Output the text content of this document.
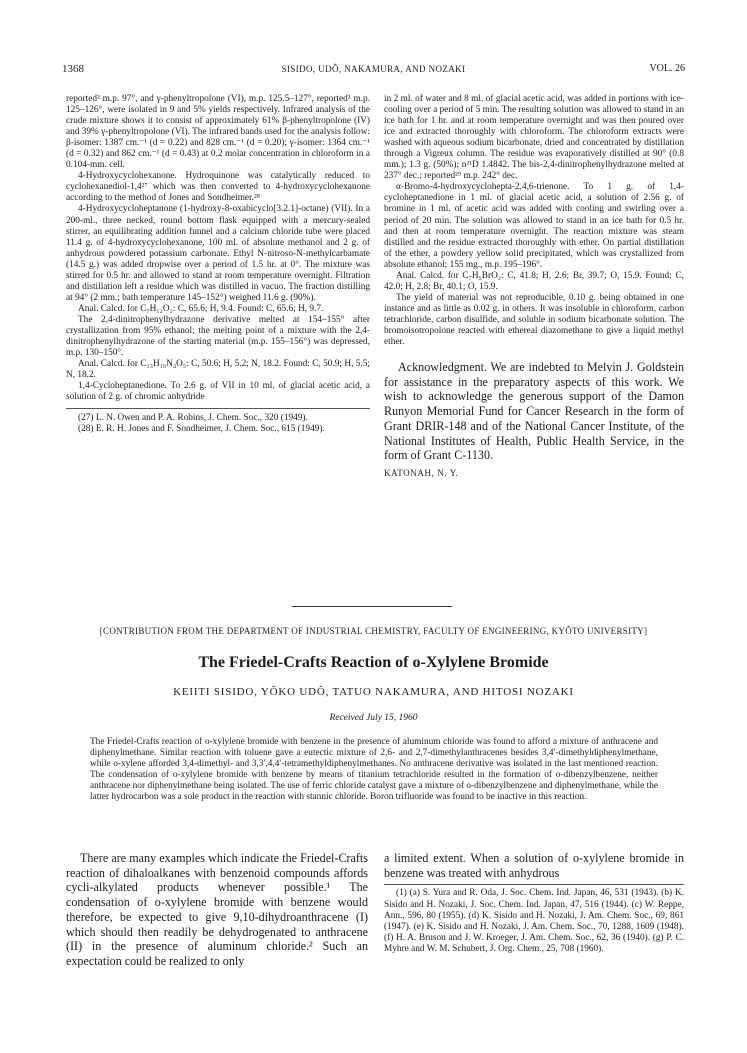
1368	SISIDO, UDÔ, NAKAMURA, AND NOZAKI	VOL. 26

reported² m.p. 97°, and γ-phenyltropolone (VI), m.p. 125.5–127°, reported³ m.p. 125–126°, were isolated in 9 and 5% yields respectively. Infrared analysis of the crude mixture shows it to consist of approximately 61% β-phenyltropolone (IV) and 39% γ-phenyltropolone (VI). The infrared bands used for the analysis follow: β-isomer: 1387 cm.⁻¹ (d = 0.22) and 828 cm.⁻¹ (d = 0.20); γ-isomer: 1364 cm.⁻¹ (d = 0.32) and 862 cm.⁻¹ (d = 0.43) at 0.2 molar concentration in chloroform in a 0.104-mm. cell.

4-Hydroxycyclohexanone. Hydroquinone was catalytically reduced to cyclohexanediol-1,4²⁷ which was then converted to 4-hydroxycyclohexanone according to the method of Jones and Sondheimer.²⁸

4-Hydroxycycloheptanone (1-hydroxy-8-oxabicyclo[3.2.1]-octane) (VII). In a 200-ml., three necked, round bottom flask equipped with a mercury-sealed stirrer, an equilibrating addition funnel and a calcium chloride tube were placed 11.4 g. of 4-hydroxycyclohexanone, 100 ml. of absolute methanol and 2 g. of anhydrous powdered potassium carbonate. Ethyl N-nitroso-N-methylcarbamate (14.5 g.) was added dropwise over a period of 1.5 hr. at 0°. The mixture was stirred for 0.5 hr. and allowed to stand at room temperature overnight. Filtration and distillation left a residue which was distilled in vacuo. The fraction distilling at 94° (2 mm.; bath temperature 145–152°) weighed 11.6 g. (90%).

Anal. Calcd. for C₇H₁₂O₂: C, 65.6; H, 9.4. Found: C, 65.6; H, 9.7.

The 2,4-dinitrophenylhydrazone derivative melted at 154–155° after crystallization from 95% ethanol; the melting point of a mixture with the 2,4-dinitrophenylhydrazone of the starting material (m.p. 155–156°) was depressed, m.p. 130–150°.

Anal. Calcd. for C₁₃H₁₆N₄O₅: C, 50.6; H, 5.2; N, 18.2. Found: C, 50.9; H, 5.5; N, 18.2.

1,4-Cycloheptanedione. To 2.6 g. of VII in 10 ml. of glacial acetic acid, a solution of 2 g. of chromic anhydride

(27) L. N. Owen and P. A. Robins, J. Chem. Soc., 320 (1949).

(28) E. R. H. Jones and F. Sondheimer, J. Chem. Soc., 615 (1949).

in 2 ml. of water and 8 ml. of glacial acetic acid, was added in portions with ice-cooling over a period of 5 min. The resulting solution was allowed to stand in an ice bath for 1 hr. and at room temperature overnight and was then poured over ice and extracted thoroughly with chloroform. The chloroform extracts were washed with aqueous sodium bicarbonate, dried and concentrated by distillation through a Vigreux column. The residue was evaporatively distilled at 90° (0.8 mm.); 1.3 g. (50%); n²¹D 1.4842. The bis-2,4-dinitrophenylhydrazone melted at 237° dec.; reported²⁹ m.p. 242° dec.

α-Bromo-4-hydroxycyclohepta-2,4,6-trienone. To 1 g. of 1,4-cycloheptanedione in 1 ml. of glacial acetic acid, a solution of 2.56 g. of bromine in 1 ml. of acetic acid was added with cooling and swirling over a period of 20 min. The solution was allowed to stand in an ice bath for 0.5 hr. and then at room temperature overnight. The reaction mixture was steam distilled and the residue extracted thoroughly with ether. On partial distillation of the ether, a powdery yellow solid precipitated, which was crystallized from absolute ethanol; 155 mg., m.p. 195–196°.

Anal. Calcd. for C₇H₅BrO₂: C, 41.8; H, 2.6; Br, 39.7; O, 15.9. Found: C, 42.0; H, 2.8; Br, 40.1; O, 15.9.

The yield of material was not reproducible, 0.10 g. being obtained in one instance and as little as 0.02 g. in others. It was insoluble in chloroform, carbon tetrachloride, carbon disulfide, and soluble in sodium bicarbonate solution. The bromoisotropolone reacted with ethereal diazomethane to give a liquid methyl ether.

Acknowledgment. We are indebted to Melvin J. Goldstein for assistance in the preparatory aspects of this work. We wish to acknowledge the generous support of the Damon Runyon Memorial Fund for Cancer Research in the form of Grant DRIR-148 and of the National Cancer Institute, of the National Institutes of Health, Public Health Service, in the form of Grant C-1130.

KATONAH, N. Y.
[CONTRIBUTION FROM THE DEPARTMENT OF INDUSTRIAL CHEMISTRY, FACULTY OF ENGINEERING, KYÔTO UNIVERSITY]
The Friedel-Crafts Reaction of o-Xylylene Bromide
KEIITI SISIDO, YÔKO UDÔ, TATUO NAKAMURA, AND HITOSI NOZAKI
Received July 15, 1960
The Friedel-Crafts reaction of o-xylylene bromide with benzene in the presence of aluminum chloride was found to afford a mixture of anthracene and diphenylmethane. Similar reaction with toluene gave a eutectic mixture of 2,6- and 2,7-dimethylanthracenes besides 3,4′-dimethyldiphenylmethane, while o-xylene afforded 3,4-dimethyl- and 3,3′,4,4′-tetramethyldiphenylmethanes. No anthracene derivative was isolated in the last mentioned reaction. The condensation of o-xylylene bromide with benzene by means of titanium tetrachloride resulted in the formation of o-dibenzylbenzene, neither anthracene nor diphenylmethane being isolated. The use of ferric chloride catalyst gave a mixture of o-dibenzylbenzene and diphenylmethane, while the latter hydrocarbon was a sole product in the reaction with stannic chloride. Boron trifluoride was found to be inactive in this reaction.

There are many examples which indicate the Friedel-Crafts reaction of dihaloalkanes with benzenoid compounds affords cycli-alkylated products whenever possible.¹ The condensation of o-xylylene bromide with benzene would therefore, be expected to give 9,10-dihydroanthracene (I) which should then readily be dehydrogenated to anthracene (II) in the presence of aluminum chloride.² Such an expectation could be realized to only

a limited extent. When a solution of o-xylylene bromide in benzene was treated with anhydrous

(1) (a) S. Yura and R. Oda, J. Soc. Chem. Ind. Japan, 46, 531 (1943). (b) K. Sisido and H. Nozaki, J. Soc. Chem. Ind. Japan, 47, 516 (1944). (c) W. Reppe, Ann., 596, 80 (1955). (d) K. Sisido and H. Nozaki, J. Am. Chem. Soc., 69, 861 (1947). (e) K. Sisido and H. Nozaki, J. Am. Chem. Soc., 70, 1288, 1609 (1948). (f) H. A. Bruson and J. W. Kroeger, J. Am. Chem. Soc., 62, 36 (1940). (g) P. C. Myhre and W. M. Schubert, J. Org. Chem., 25, 708 (1960).
